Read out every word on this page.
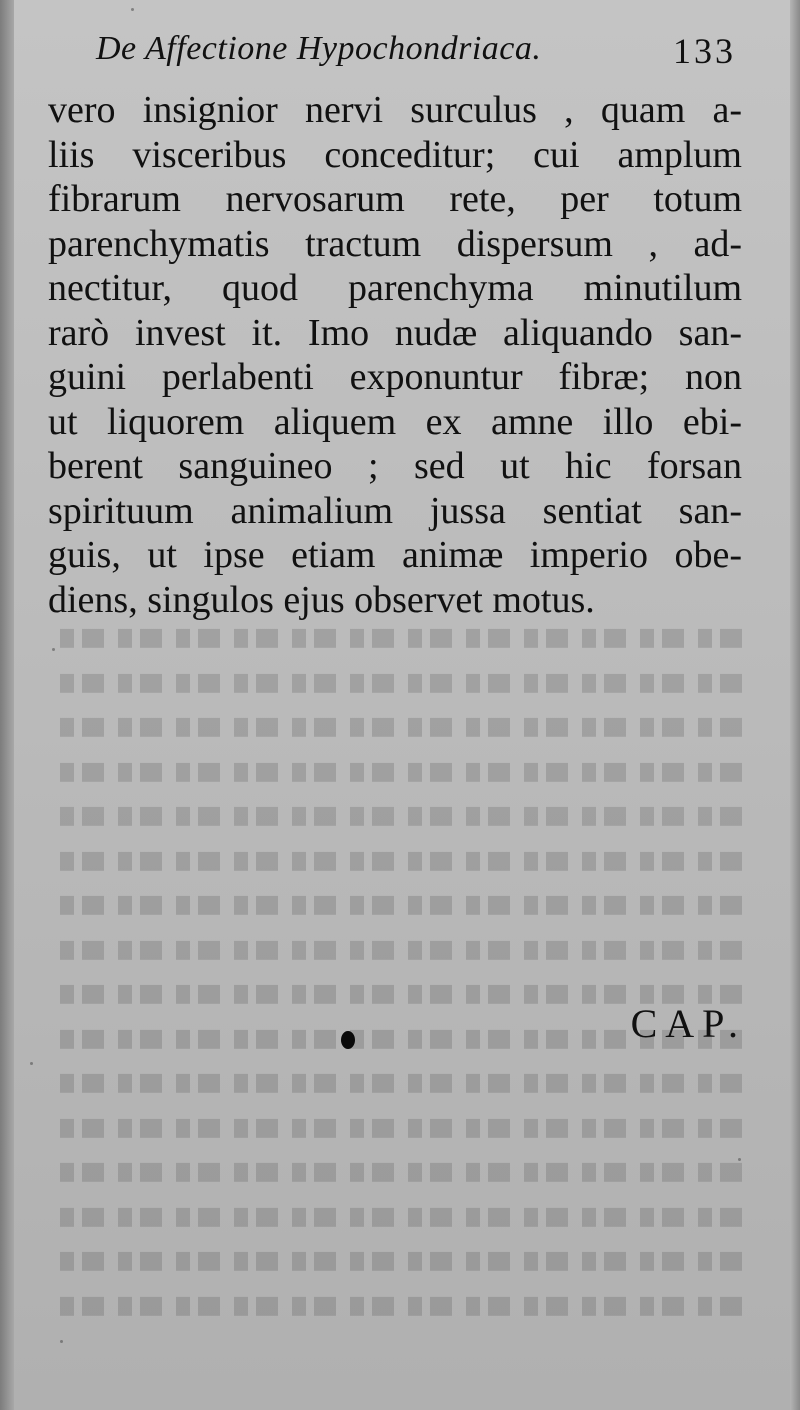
De Affectione Hypochondriaca.	133
vero insignior nervi surculus , quam a-
liis visceribus conceditur; cui amplum
fibrarum nervosarum rete, per totum
parenchymatis tractum dispersum , ad-
nectitur, quod parenchyma minutilum
rarò invest it. Imo nudæ aliquando san-
guini perlabenti exponuntur fibræ; non
ut liquorem aliquem ex amne illo ebi-
berent sanguineo ; sed ut hic forsan
spirituum animalium jussa sentiat san-
guis, ut ipse etiam animæ imperio obe-
diens, singulos ejus observet motus.
CAP.
